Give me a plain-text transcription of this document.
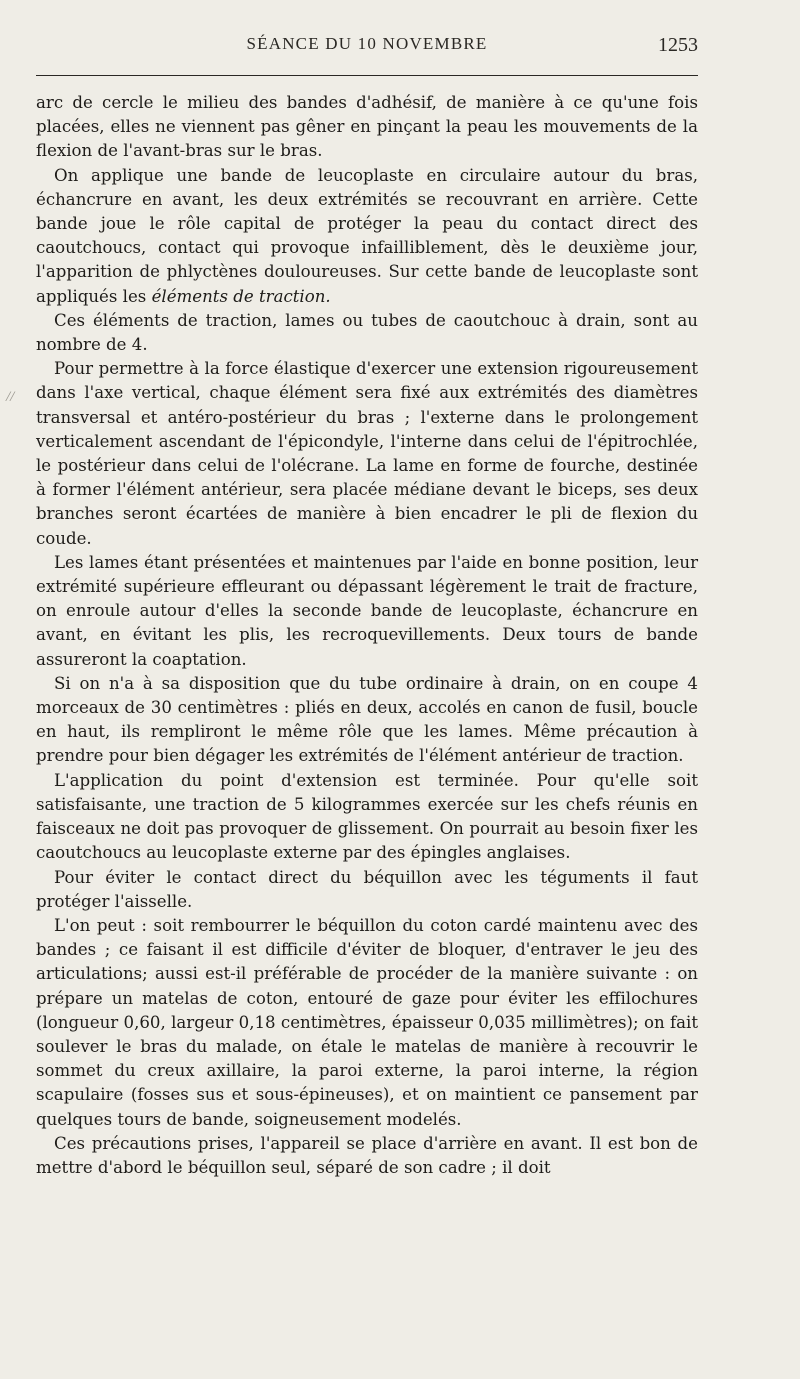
SÉANCE DU 10 NOVEMBRE	1253
//

arc de cercle le milieu des bandes d'adhésif, de manière à ce qu'une fois placées, elles ne viennent pas gêner en pinçant la peau les mouvements de la flexion de l'avant-bras sur le bras.

On applique une bande de leucoplaste en circulaire autour du bras, échancrure en avant, les deux extrémités se recouvrant en arrière. Cette bande joue le rôle capital de protéger la peau du contact direct des caoutchoucs, contact qui provoque infailliblement, dès le deuxième jour, l'apparition de phlyctènes douloureuses. Sur cette bande de leucoplaste sont appliqués les éléments de traction.

Ces éléments de traction, lames ou tubes de caoutchouc à drain, sont au nombre de 4.

Pour permettre à la force élastique d'exercer une extension rigoureusement dans l'axe vertical, chaque élément sera fixé aux extrémités des diamètres transversal et antéro-postérieur du bras ; l'externe dans le prolongement verticalement ascendant de l'épicondyle, l'interne dans celui de l'épitrochlée, le postérieur dans celui de l'olécrane. La lame en forme de fourche, destinée à former l'élément antérieur, sera placée médiane devant le biceps, ses deux branches seront écartées de manière à bien encadrer le pli de flexion du coude.

Les lames étant présentées et maintenues par l'aide en bonne position, leur extrémité supérieure effleurant ou dépassant légèrement le trait de fracture, on enroule autour d'elles la seconde bande de leucoplaste, échancrure en avant, en évitant les plis, les recroquevillements. Deux tours de bande assureront la coaptation.

Si on n'a à sa disposition que du tube ordinaire à drain, on en coupe 4 morceaux de 30 centimètres : pliés en deux, accolés en canon de fusil, boucle en haut, ils rempliront le même rôle que les lames. Même précaution à prendre pour bien dégager les extrémités de l'élément antérieur de traction.

L'application du point d'extension est terminée. Pour qu'elle soit satisfaisante, une traction de 5 kilogrammes exercée sur les chefs réunis en faisceaux ne doit pas provoquer de glissement. On pourrait au besoin fixer les caoutchoucs au leucoplaste externe par des épingles anglaises.

Pour éviter le contact direct du béquillon avec les téguments il faut protéger l'aisselle.

L'on peut : soit rembourrer le béquillon du coton cardé maintenu avec des bandes ; ce faisant il est difficile d'éviter de bloquer, d'entraver le jeu des articulations; aussi est-il préférable de procéder de la manière suivante : on prépare un matelas de coton, entouré de gaze pour éviter les effilochures (longueur 0,60, largeur 0,18 centimètres, épaisseur 0,035 millimètres); on fait soulever le bras du malade, on étale le matelas de manière à recouvrir le sommet du creux axillaire, la paroi externe, la paroi interne, la région scapulaire (fosses sus et sous-épineuses), et on maintient ce pansement par quelques tours de bande, soigneusement modelés.

Ces précautions prises, l'appareil se place d'arrière en avant. Il est bon de mettre d'abord le béquillon seul, séparé de son cadre ; il doit
